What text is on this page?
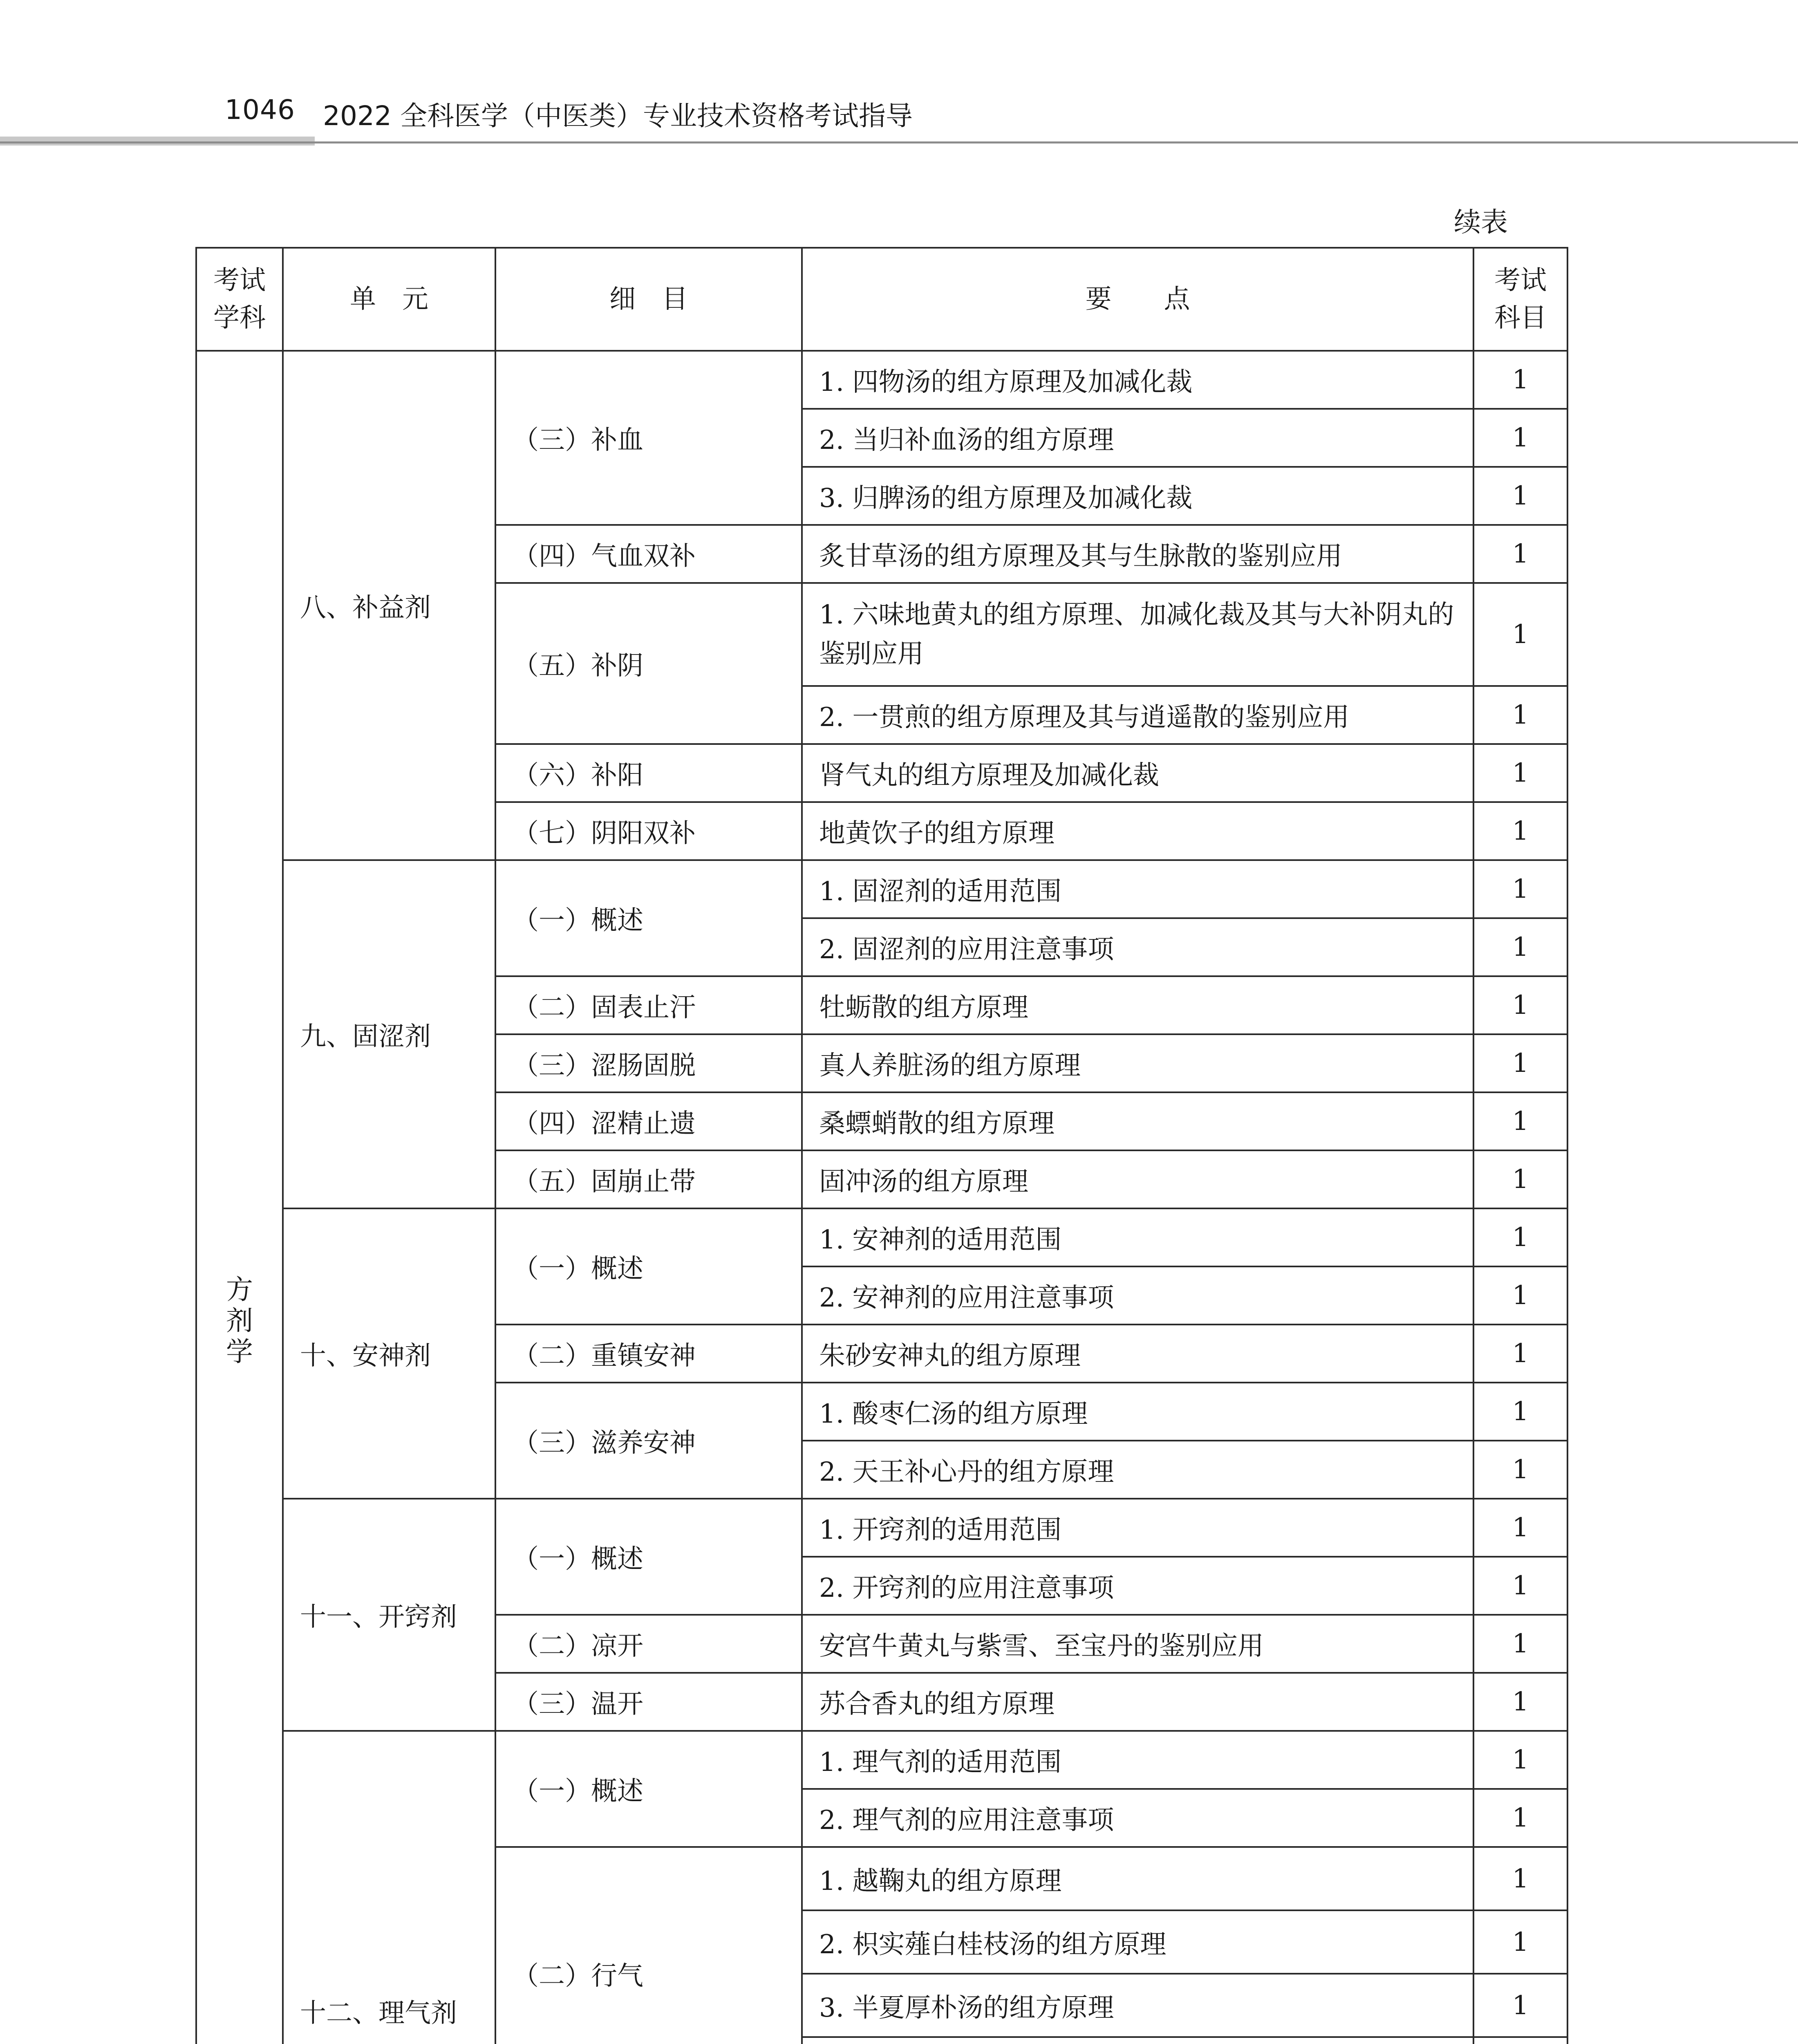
1046 2022 全科医学（中医类）专业技术资格考试指导
续表
考试学科	单　元	细　目	要　　点	考试科目
方剂学	八、补益剂	（三）补血	1. 四物汤的组方原理及加减化裁	1
			2. 当归补血汤的组方原理	1
			3. 归脾汤的组方原理及加减化裁	1
		（四）气血双补	炙甘草汤的组方原理及其与生脉散的鉴别应用	1
		（五）补阴	1. 六味地黄丸的组方原理、加减化裁及其与大补阴丸的鉴别应用	1
			2. 一贯煎的组方原理及其与逍遥散的鉴别应用	1
		（六）补阳	肾气丸的组方原理及加减化裁	1
		（七）阴阳双补	地黄饮子的组方原理	1
	九、固涩剂	（一）概述	1. 固涩剂的适用范围	1
			2. 固涩剂的应用注意事项	1
		（二）固表止汗	牡蛎散的组方原理	1
		（三）涩肠固脱	真人养脏汤的组方原理	1
		（四）涩精止遗	桑螵蛸散的组方原理	1
		（五）固崩止带	固冲汤的组方原理	1
	十、安神剂	（一）概述	1. 安神剂的适用范围	1
			2. 安神剂的应用注意事项	1
		（二）重镇安神	朱砂安神丸的组方原理	1
		（三）滋养安神	1. 酸枣仁汤的组方原理	1
			2. 天王补心丹的组方原理	1
	十一、开窍剂	（一）概述	1. 开窍剂的适用范围	1
			2. 开窍剂的应用注意事项	1
		（二）凉开	安宫牛黄丸与紫雪、至宝丹的鉴别应用	1
		（三）温开	苏合香丸的组方原理	1
	十二、理气剂	（一）概述	1. 理气剂的适用范围	1
			2. 理气剂的应用注意事项	1
		（二）行气	1. 越鞠丸的组方原理	1
			2. 枳实薤白桂枝汤的组方原理	1
			3. 半夏厚朴汤的组方原理	1
